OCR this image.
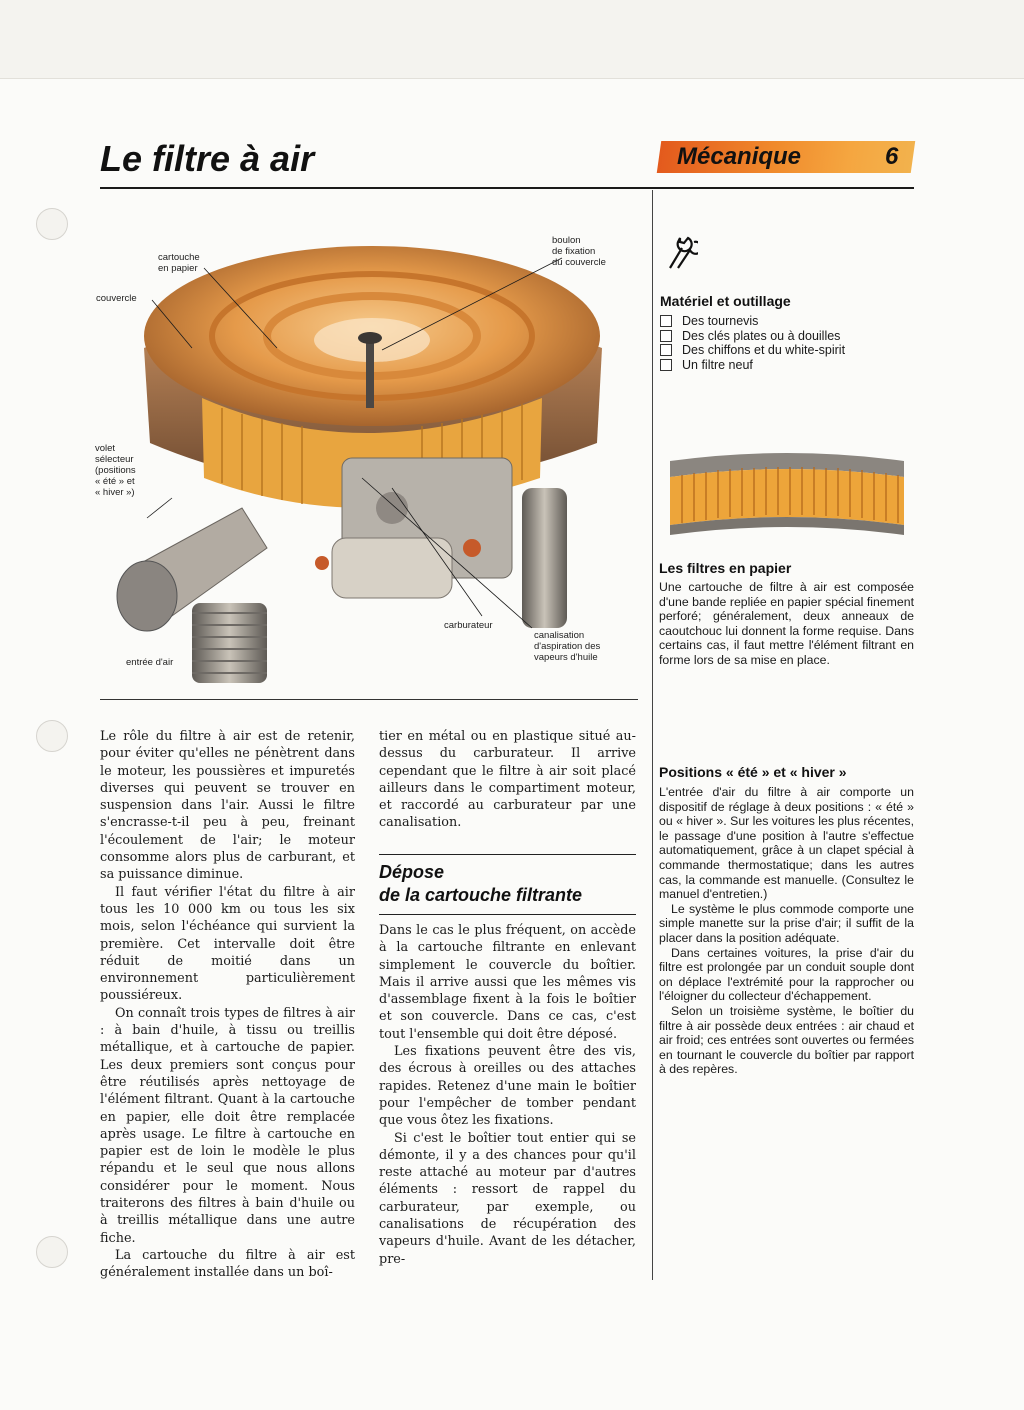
Le filtre à air	Mécanique	6
cartouche
en papier
couvercle
boulon
de fixation
du couvercle
volet
sélecteur
(positions
« été » et
« hiver »)
carburateur
canalisation
d'aspiration des
vapeurs d'huile
entrée d'air

Le rôle du filtre à air est de retenir, pour éviter qu'elles ne pénètrent dans le moteur, les poussières et impuretés diverses qui peuvent se trouver en suspension dans l'air. Aussi le filtre s'encrasse-t-il peu à peu, freinant l'écoulement de l'air; le moteur consomme alors plus de carburant, et sa puissance diminue.

Il faut vérifier l'état du filtre à air tous les 10 000 km ou tous les six mois, selon l'échéance qui survient la première. Cet intervalle doit être réduit de moitié dans un environnement particulièrement poussiéreux.

On connaît trois types de filtres à air : à bain d'huile, à tissu ou treillis métallique, et à cartouche de papier. Les deux premiers sont conçus pour être réutilisés après nettoyage de l'élément filtrant. Quant à la cartouche en papier, elle doit être remplacée après usage. Le filtre à cartouche en papier est de loin le modèle le plus répandu et le seul que nous allons considérer pour le moment. Nous traiterons des filtres à bain d'huile ou à treillis métallique dans une autre fiche.

La cartouche du filtre à air est généralement installée dans un boî-

tier en métal ou en plastique situé au-dessus du carburateur. Il arrive cependant que le filtre à air soit placé ailleurs dans le compartiment moteur, et raccordé au carburateur par une canalisation.

Dépose
de la cartouche filtrante

Dans le cas le plus fréquent, on accède à la cartouche filtrante en enlevant simplement le couvercle du boîtier. Mais il arrive aussi que les mêmes vis d'assemblage fixent à la fois le boîtier et son couvercle. Dans ce cas, c'est tout l'ensemble qui doit être déposé.

Les fixations peuvent être des vis, des écrous à oreilles ou des attaches rapides. Retenez d'une main le boîtier pour l'empêcher de tomber pendant que vous ôtez les fixations.

Si c'est le boîtier tout entier qui se démonte, il y a des chances pour qu'il reste attaché au moteur par d'autres éléments : ressort de rappel du carburateur, par exemple, ou canalisations de récupération des vapeurs d'huile. Avant de les détacher, pre-

Matériel et outillage
Des tournevis
Des clés plates ou à douilles
Des chiffons et du white-spirit
Un filtre neuf
Les filtres en papier

Une cartouche de filtre à air est composée d'une bande repliée en papier spécial finement perforé; généralement, deux anneaux de caoutchouc lui donnent la forme requise. Dans certains cas, il faut mettre l'élément filtrant en forme lors de sa mise en place.

Positions « été » et « hiver »

L'entrée d'air du filtre à air comporte un dispositif de réglage à deux positions : « été » ou « hiver ». Sur les voitures les plus récentes, le passage d'une position à l'autre s'effectue automatiquement, grâce à un clapet spécial à commande thermostatique; dans les autres cas, la commande est manuelle. (Consultez le manuel d'entretien.)

Le système le plus commode comporte une simple manette sur la prise d'air; il suffit de la placer dans la position adéquate.

Dans certaines voitures, la prise d'air du filtre est prolongée par un conduit souple dont on déplace l'extrémité pour la rapprocher ou l'éloigner du collecteur d'échappement.

Selon un troisième système, le boîtier du filtre à air possède deux entrées : air chaud et air froid; ces entrées sont ouvertes ou fermées en tournant le couvercle du boîtier par rapport à des repères.
